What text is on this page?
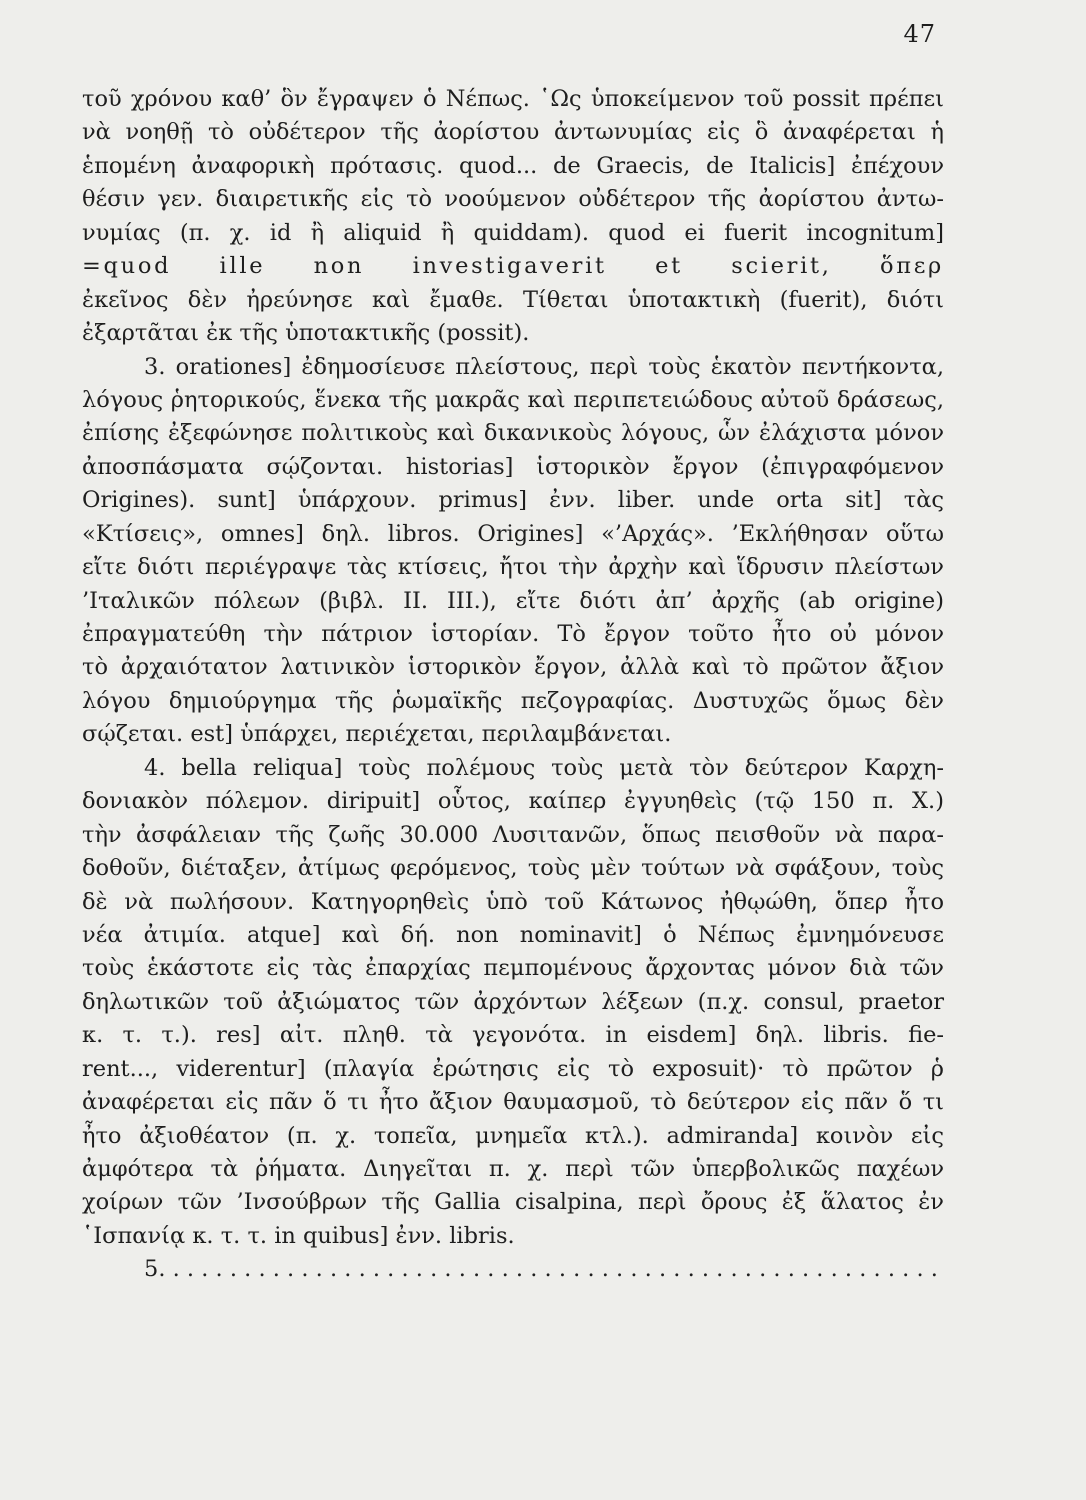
47
τοῦ χρόνου καθ’ ὃν ἔγραψεν ὁ Νέπως. ῾Ως ὑποκείμενον τοῦ possit πρέπει
νὰ νοηθῇ τὸ οὐδέτερον τῆς ἀορίστου ἀντωνυμίας εἰς ὃ ἀναφέρεται ἡ
ἑπομένη ἀναφορικὴ πρότασις. quod... de Graecis, de Italicis] ἐπέχουν
θέσιν γεν. διαιρετικῆς εἰς τὸ νοούμενον οὐδέτερον τῆς ἀορίστου ἀντω-
νυμίας (π. χ. id ἢ aliquid ἢ quiddam). quod ei fuerit incognitum]
=quod ille non investigaverit et scierit, ὅπερ
ἐκεῖνος δὲν ἠρεύνησε καὶ ἔμαθε. Τίθεται ὑποτακτικὴ (fuerit), διότι
ἐξαρτᾶται ἐκ τῆς ὑποτακτικῆς (possit).
3. orationes] ἐδημοσίευσε πλείστους, περὶ τοὺς ἑκατὸν πεντήκοντα,
λόγους ῥητορικούς, ἕνεκα τῆς μακρᾶς καὶ περιπετειώδους αὐτοῦ δράσεως,
ἐπίσης ἐξεφώνησε πολιτικοὺς καὶ δικανικοὺς λόγους, ὧν ἐλάχιστα μόνον
ἀποσπάσματα σῴζονται. historias] ἱστορικὸν ἔργον (ἐπιγραφόμενον
Origines). sunt] ὑπάρχουν. primus] ἐνν. liber. unde orta sit] τὰς
«Κτίσεις», omnes] δηλ. libros. Origines] «’Αρχάς». ’Εκλήθησαν οὕτω
εἴτε διότι περιέγραψε τὰς κτίσεις, ἤτοι τὴν ἀρχὴν καὶ ἵδρυσιν πλείστων
’Ιταλικῶν πόλεων (βιβλ. II. III.), εἴτε διότι ἀπ’ ἀρχῆς (ab origine)
ἐπραγματεύθη τὴν πάτριον ἱστορίαν. Τὸ ἔργον τοῦτο ἦτο οὐ μόνον
τὸ ἀρχαιότατον λατινικὸν ἱστορικὸν ἔργον, ἀλλὰ καὶ τὸ πρῶτον ἄξιον
λόγου δημιούργημα τῆς ῥωμαϊκῆς πεζογραφίας. Δυστυχῶς ὅμως δὲν
σῴζεται. est] ὑπάρχει, περιέχεται, περιλαμβάνεται.
4. bella reliqua] τοὺς πολέμους τοὺς μετὰ τὸν δεύτερον Καρχη-
δονιακὸν πόλεμον. diripuit] οὗτος, καίπερ ἐγγυηθεὶς (τῷ 150 π. Χ.)
τὴν ἀσφάλειαν τῆς ζωῆς 30.000 Λυσιτανῶν, ὅπως πεισθοῦν νὰ παρα-
δοθοῦν, διέταξεν, ἀτίμως φερόμενος, τοὺς μὲν τούτων νὰ σφάξουν, τοὺς
δὲ νὰ πωλήσουν. Κατηγορηθεὶς ὑπὸ τοῦ Κάτωνος ἠθῳώθη, ὅπερ ἦτο
νέα ἀτιμία. atque] καὶ δή. non nominavit] ὁ Νέπως ἐμνημόνευσε
τοὺς ἑκάστοτε εἰς τὰς ἐπαρχίας πεμπομένους ἄρχοντας μόνον διὰ τῶν
δηλωτικῶν τοῦ ἀξιώματος τῶν ἀρχόντων λέξεων (π.χ. consul, praetor
κ. τ. τ.). res] αἰτ. πληθ. τὰ γεγονότα. in eisdem] δηλ. libris. fie-
rent..., viderentur] (πλαγία ἐρώτησις εἰς τὸ exposuit)· τὸ πρῶτον ῥ
ἀναφέρεται εἰς πᾶν ὅ τι ἦτο ἄξιον θαυμασμοῦ, τὸ δεύτερον εἰς πᾶν ὅ τι
ἦτο ἀξιοθέατον (π. χ. τοπεῖα, μνημεῖα κτλ.). admiranda] κοινὸν εἰς
ἀμφότερα τὰ ῥήματα. Διηγεῖται π. χ. περὶ τῶν ὑπερβολικῶς παχέων
χοίρων τῶν ’Ινσούβρων τῆς Gallia cisalpina, περὶ ὄρους ἐξ ἅλατος ἐν
῾Ισπανίᾳ κ. τ. τ. in quibus] ἐνν. libris.
5. . . . . . . . . . . . . . . . . . . . . . . . . . . . . . . . . . . . . . . . . . . . . . . . . . . . . . .
